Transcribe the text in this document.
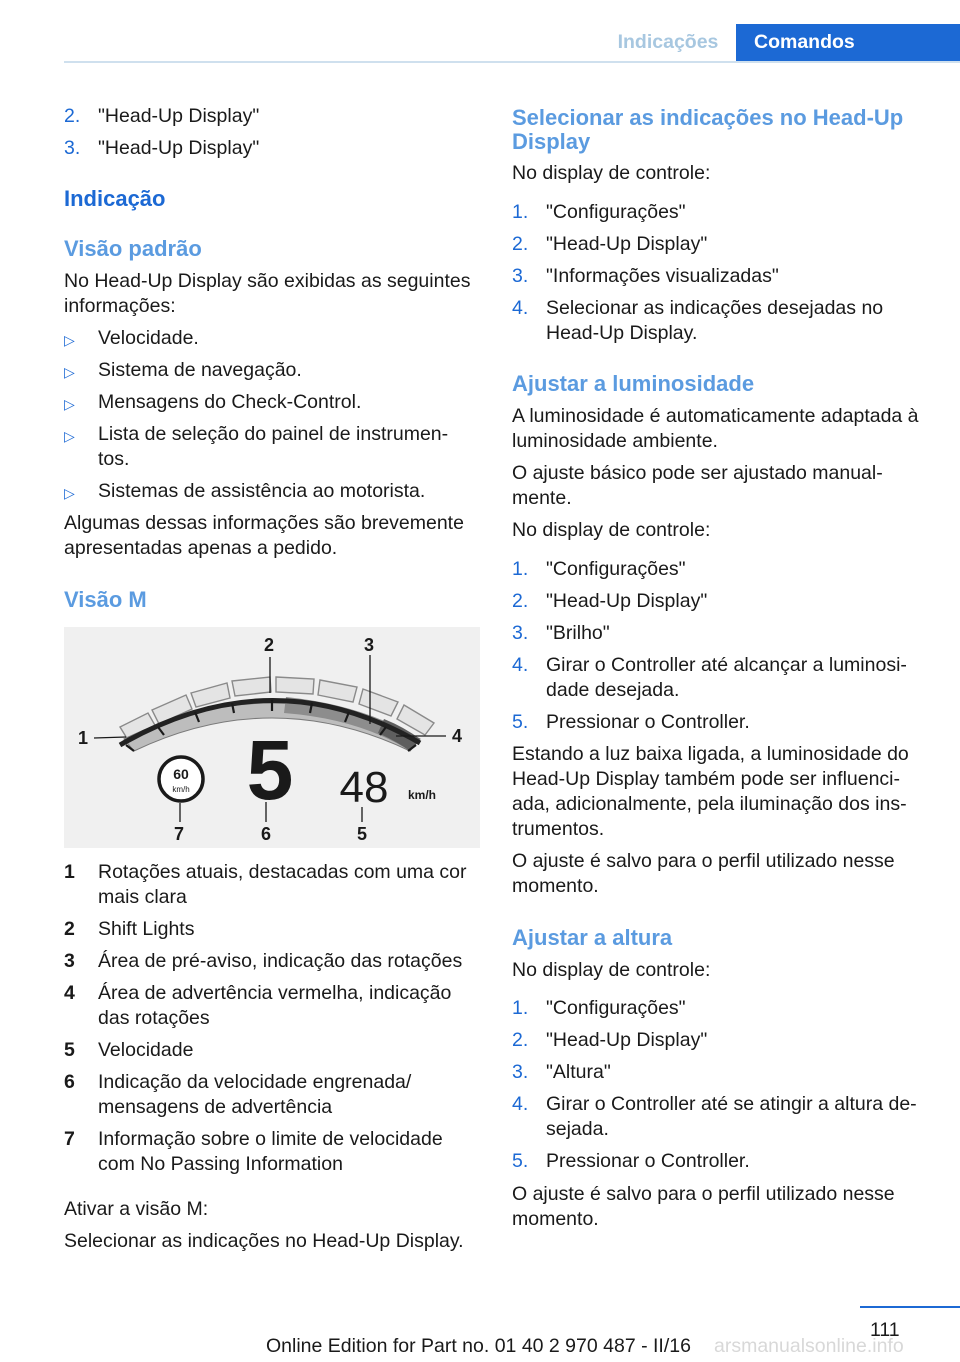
Indicações	Comandos
2. "Head-Up Display"
3. "Head-Up Display"
Indicação
Visão padrão
No Head-Up Display são exibidas as seguintes
informações:
▷ Velocidade.
▷ Sistema de navegação.
▷ Mensagens do Check-Control.
▷ Lista de seleção do painel de instrumen-
tos.
▷ Sistemas de assistência ao motorista.
Algumas dessas informações são brevemente
apresentadas apenas a pedido.
Visão M
1
2	3
4
5
6
7
60
km/h 5 48 km/h
1 Rotações atuais, destacadas com uma cor
mais clara
2 Shift Lights
3 Área de pré-aviso, indicação das rotações
4 Área de advertência vermelha, indicação
das rotações
5 Velocidade
6 Indicação da velocidade engrenada/
mensagens de advertência
7 Informação sobre o limite de velocidade
com No Passing Information
Ativar a visão M:
Selecionar as indicações no Head-Up Display.
Selecionar as indicações no Head-Up
Display
No display de controle:
1. "Configurações"
2. "Head-Up Display"
3. "Informações visualizadas"
4. Selecionar as indicações desejadas no
Head-Up Display.
Ajustar a luminosidade
A luminosidade é automaticamente adaptada à
luminosidade ambiente.
O ajuste básico pode ser ajustado manual-
mente.
No display de controle:
1. "Configurações"
2. "Head-Up Display"
3. "Brilho"
4. Girar o Controller até alcançar a luminosi-
dade desejada.
5. Pressionar o Controller.
Estando a luz baixa ligada, a luminosidade do
Head-Up Display também pode ser influenci-
ada, adicionalmente, pela iluminação dos ins-
trumentos.
O ajuste é salvo para o perfil utilizado nesse
momento.
Ajustar a altura
No display de controle:
1. "Configurações"
2. "Head-Up Display"
3. "Altura"
4. Girar o Controller até se atingir a altura de-
sejada.
5. Pressionar o Controller.
O ajuste é salvo para o perfil utilizado nesse
momento.
111
Online Edition for Part no. 01 40 2 970 487 - II/16 arsmanualsonline.info
